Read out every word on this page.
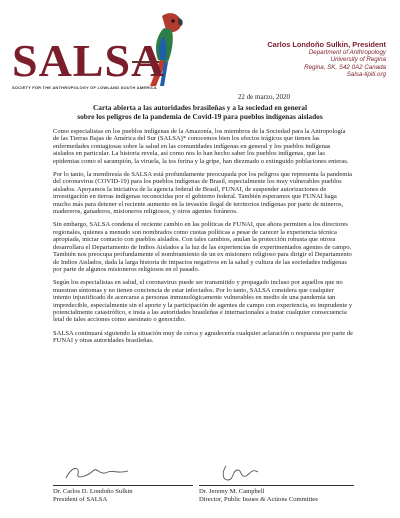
SALSA
SOCIETY FOR THE ANTHROPOLOGY OF LOWLAND SOUTH AMERICA
Carlos Londoño Sulkin, President
Department of Anthropology
University of Regina
Regina, SK, S42 0A2 Canada
Salsa-tipiti.org
22 de marzo, 2020
Carta abierta a las autoridades brasileñas y a la sociedad en general
sobre los peligros de la pandemia de Covid-19 para pueblos indígenas aislados

Como especialistas en los pueblos indígenas de la Amazonía, los miembros de la Sociedad para la Antropología de las Tierras Bajas de América del Sur (SALSA)* conocemos bien los efectos trágicos que tienen las enfermedades contagiosas sobre la salud en las comunidades indígenas en general y los pueblos indígenas aislados en particular. La historia revela, así como nos lo han hecho saber los pueblos indígenas, que las epidemias como el sarampión, la viruela, la tos ferina y la gripe, han diezmado o extinguido poblaciones enteras.

Por lo tanto, la membresía de SALSA está profundamente preocupada por los peligros que representa la pandemia del coronavirus (COVID-19) para los pueblos indígenas de Brasil, especialmente los muy vulnerables pueblos aislados. Apoyamos la iniciativa de la agencia federal de Brasil, FUNAI, de suspender autorizaciones de investigación en tierras indígenas reconocidas por el gobierno federal. También esperamos que FUNAI haga mucho más para detener el reciente aumento en la invasión ilegal de territorios indígenas por parte de mineros, madereros, ganaderos, misioneros religiosos, y otros agentes foráneos.

Sin embargo, SALSA condena el reciente cambio en las políticas de FUNAI, que ahora permiten a los directores regionales, quienes a menudo son nombrados como cuotas políticas a pesar de carecer la experiencia técnica apropiada, iniciar contacto con pueblos aislados. Con tales cambios, anulan la protección robusta que otrora desarrollara el Departamento de Indios Aislados a la luz de las experiencias de experimentados agentes de campo. También nos preocupa profundamente el nombramiento de un ex misionero religioso para dirigir el Departamento de Indios Aislados, dada la larga historia de impactos negativos en la salud y cultura de las sociedades indígenas por parte de algunos misioneros religiosos en el pasado.

Según los especialistas en salud, el coronavirus puede ser transmitido y propagado incluso por aquellos que no muestran síntomas y no tienen conciencia de estar infectados. Por lo tanto, SALSA considera que cualquier intento injustificado de acercarse a personas inmunológicamente vulnerables en medio de una pandemia tan impredecible, especialmente sin el aporte y la participación de agentes de campo con experiencia, es imprudente y potencialmente catastrófico, e insta a las autoridades brasileñas e internacionales a tratar cualquier consecuencia letal de tales acciones como asesinato o genocidio.

SALSA continuará siguiendo la situación muy de cerca y agradecería cualquier aclaración o respuesta por parte de FUNAI y otras autoridades brasileñas.

Dr. Carlos D. Londoño Sulkin
President of SALSA
Dr. Jeremy M. Campbell
Director, Public Issues & Actions Committee
